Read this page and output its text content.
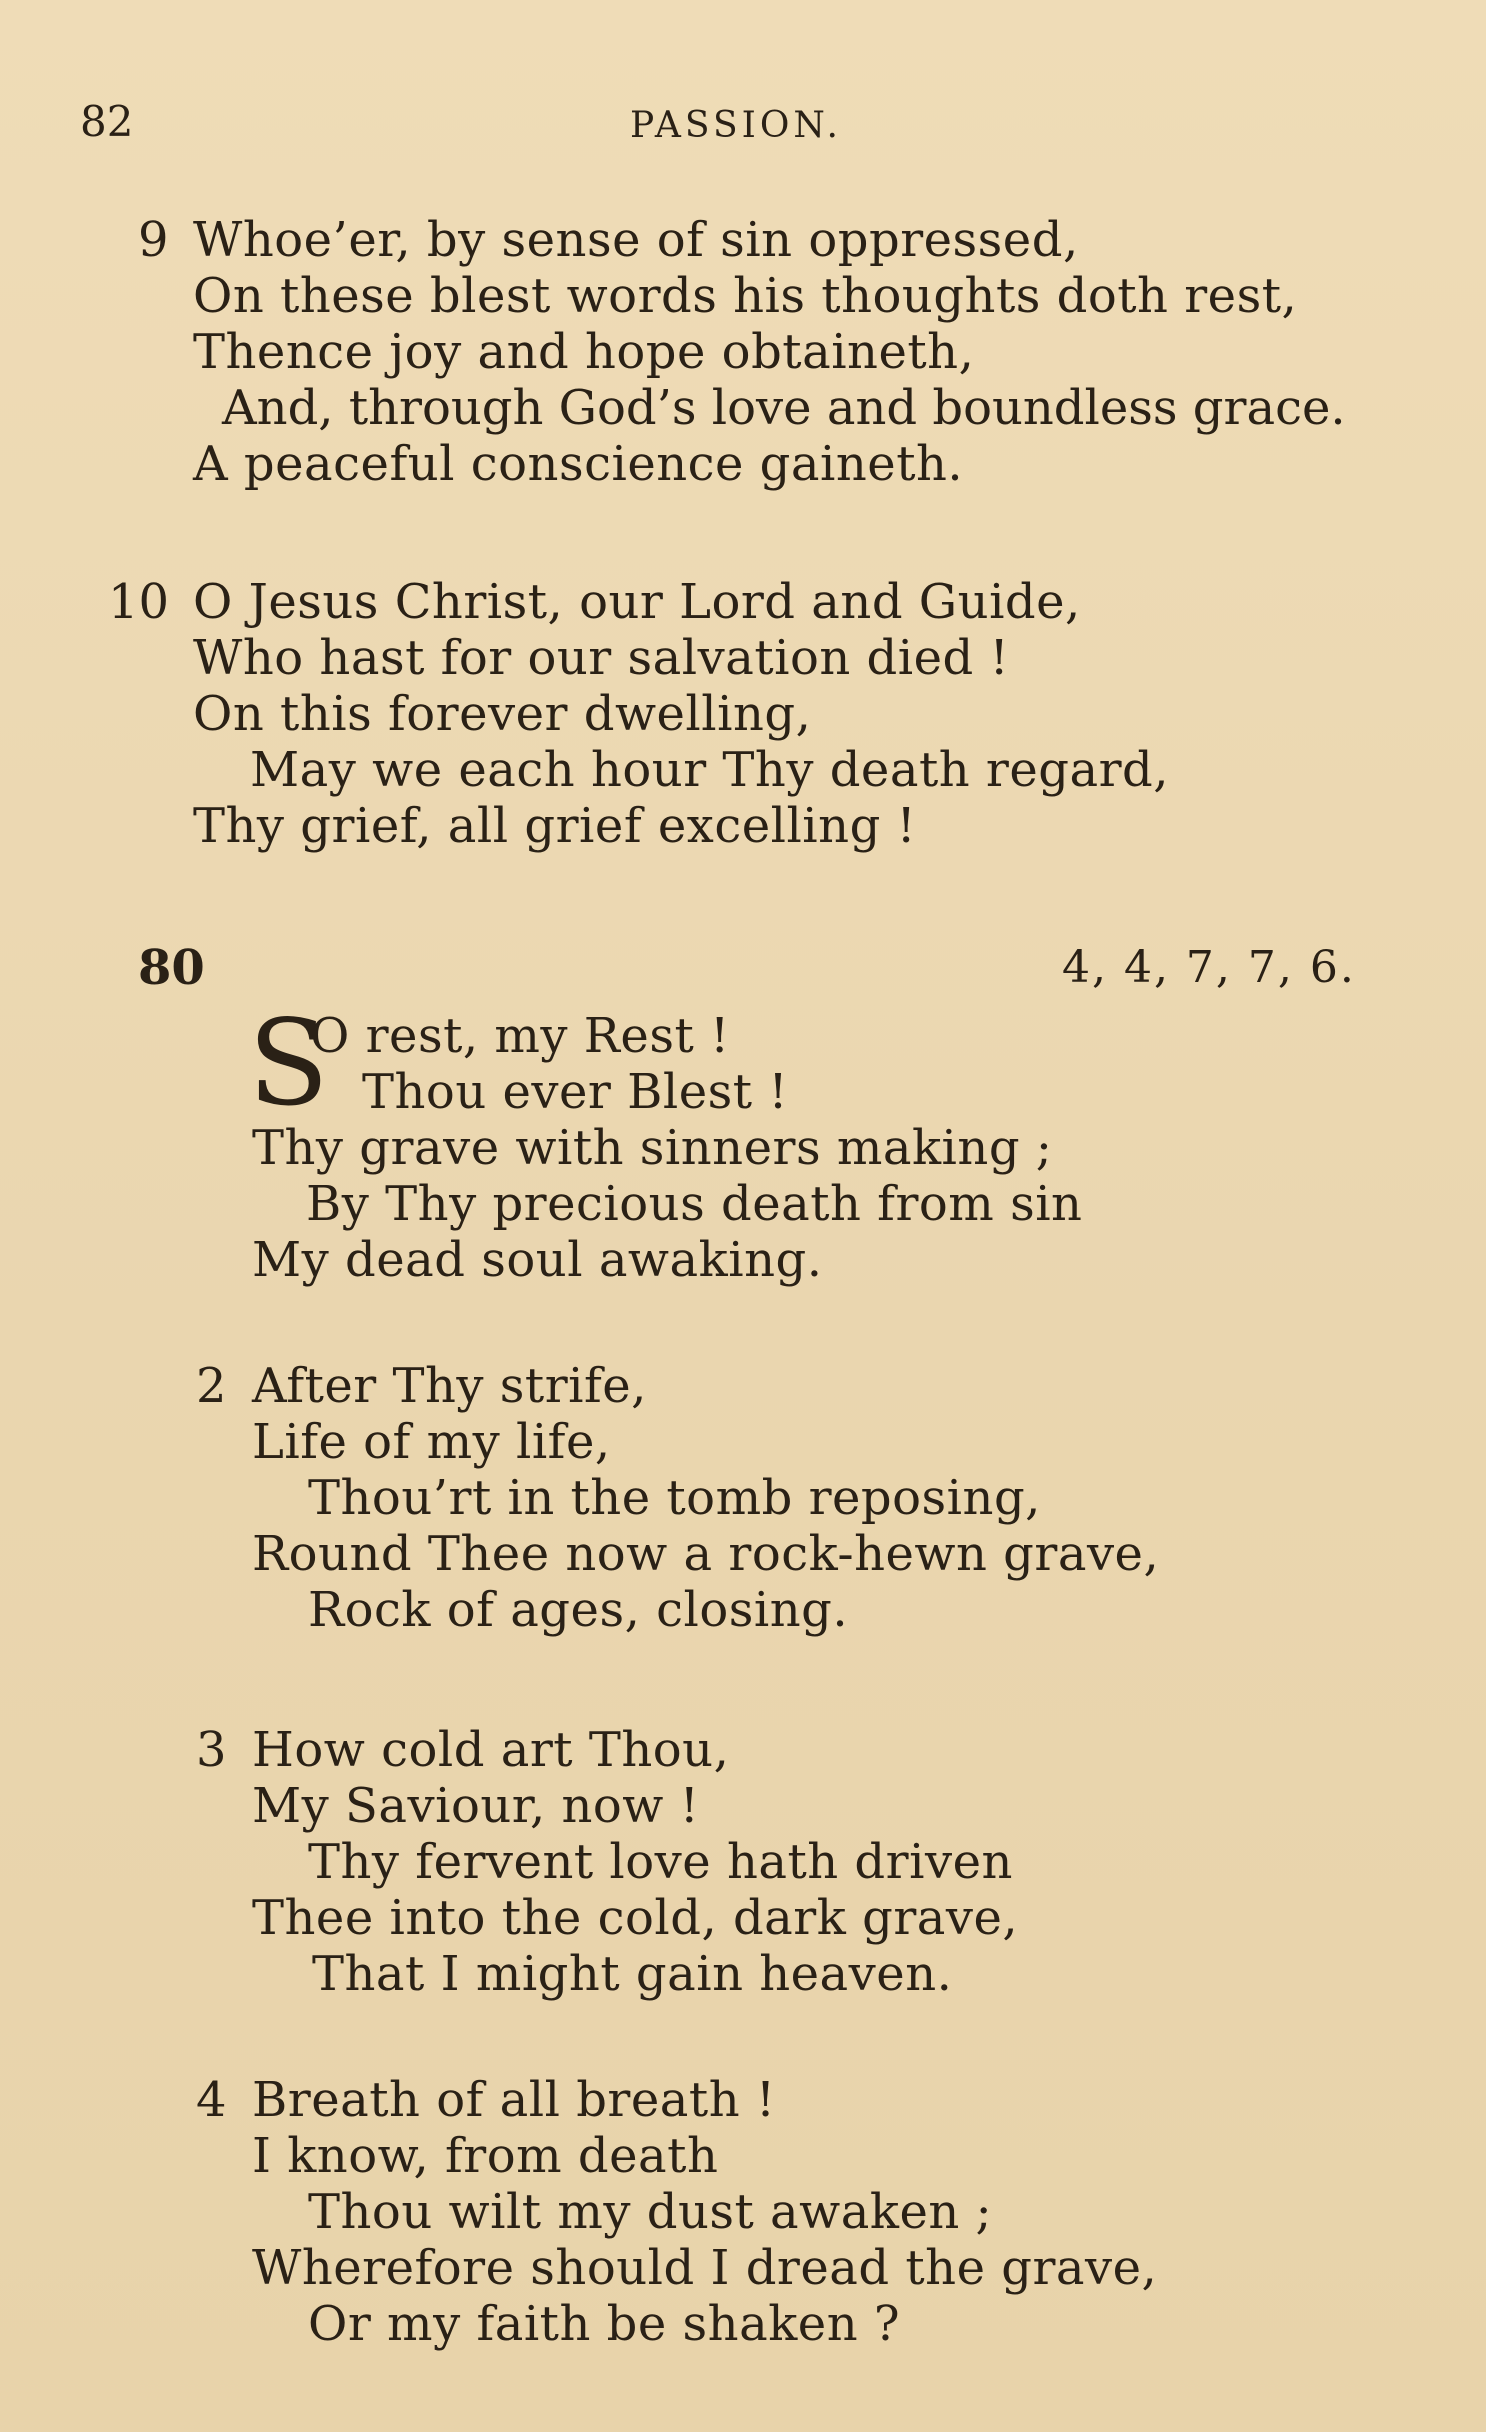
82	PASSION.
9 Whoe’er, by sense of sin oppressed,
On these blest words his thoughts doth rest,
Thence joy and hope obtaineth,
And, through God’s love and boundless grace.
A peaceful conscience gaineth.
10 O Jesus Christ, our Lord and Guide,
Who hast for our salvation died !
On this forever dwelling,
May we each hour Thy death regard,
Thy grief, all grief excelling !
80	4, 4, 7, 7, 6.
S
O rest, my Rest !
Thou ever Blest !
Thy grave with sinners making ;
By Thy precious death from sin
My dead soul awaking.
2 After Thy strife,
Life of my life,
Thou’rt in the tomb reposing,
Round Thee now a rock-hewn grave,
Rock of ages, closing.
3 How cold art Thou,
My Saviour, now !
Thy fervent love hath driven
Thee into the cold, dark grave,
That I might gain heaven.
4 Breath of all breath !
I know, from death
Thou wilt my dust awaken ;
Wherefore should I dread the grave,
Or my faith be shaken ?
